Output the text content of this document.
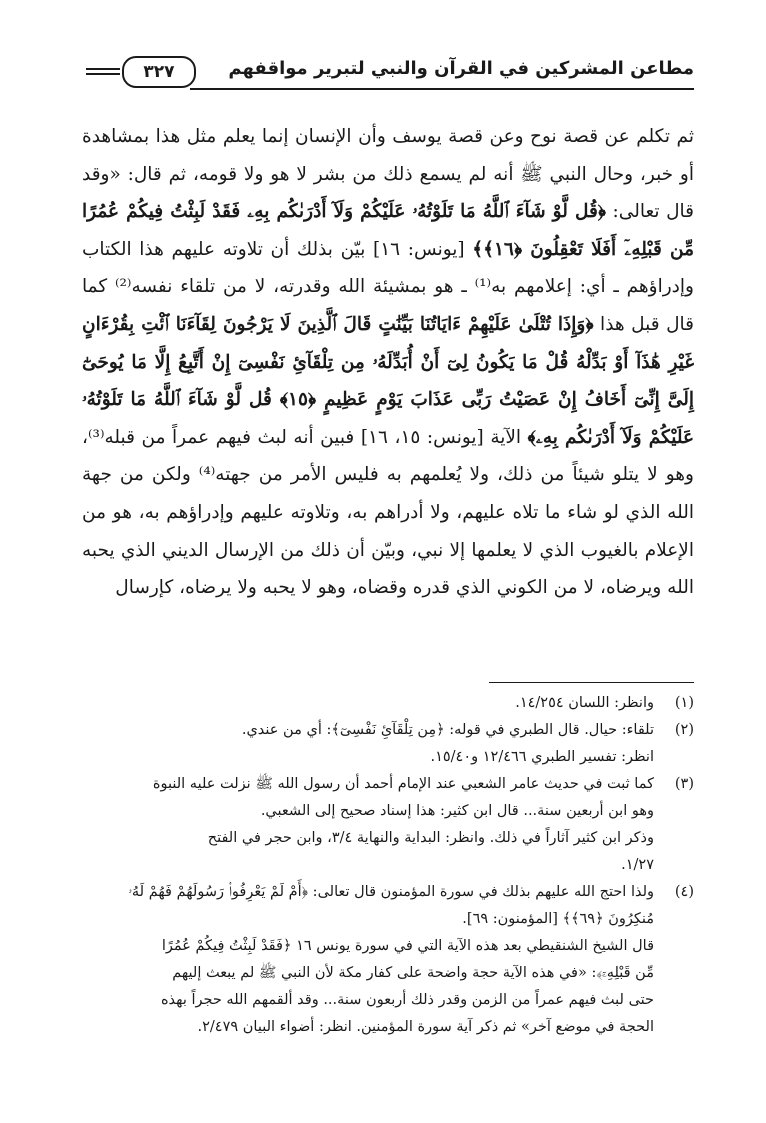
مطاعن المشركين في القرآن والنبي لتبرير مواقفهم
٣٢٧

ثم تكلم عن قصة نوح وعن قصة يوسف وأن الإنسان إنما يعلم مثل هذا بمشاهدة أو خبر، وحال النبي ﷺ أنه لم يسمع ذلك من بشر لا هو ولا قومه، ثم قال: «وقد قال تعالى: ﴿قُل لَّوْ شَآءَ ٱللَّهُ مَا تَلَوْتُهُۥ عَلَيْكُمْ وَلَآ أَدْرَىٰكُم بِهِۦ فَقَدْ لَبِثْتُ فِيكُمْ عُمُرًا مِّن قَبْلِهِۦٓ أَفَلَا تَعْقِلُونَ ﴿١٦﴾﴾ [يونس: ١٦] بيّن بذلك أن تلاوته عليهم هذا الكتاب وإدراؤهم ـ أي: إعلامهم به⁽¹⁾ ـ هو بمشيئة الله وقدرته، لا من تلقاء نفسه⁽²⁾ كما قال قبل هذا ﴿وَإِذَا تُتْلَىٰ عَلَيْهِمْ ءَايَاتُنَا بَيِّنَٰتٍ قَالَ ٱلَّذِينَ لَا يَرْجُونَ لِقَآءَنَا ٱئْتِ بِقُرْءَانٍ غَيْرِ هَٰذَآ أَوْ بَدِّلْهُ قُلْ مَا يَكُونُ لِىٓ أَنْ أُبَدِّلَهُۥ مِن تِلْقَآئِ نَفْسِىٓ إِنْ أَتَّبِعُ إِلَّا مَا يُوحَىٰٓ إِلَىَّ إِنِّىٓ أَخَافُ إِنْ عَصَيْتُ رَبِّى عَذَابَ يَوْمٍ عَظِيمٍ ﴿١٥﴾ قُل لَّوْ شَآءَ ٱللَّهُ مَا تَلَوْتُهُۥ عَلَيْكُمْ وَلَآ أَدْرَىٰكُم بِهِۦ﴾ الآية [يونس: ١٥، ١٦] فبين أنه لبث فيهم عمراً من قبله⁽³⁾، وهو لا يتلو شيئاً من ذلك، ولا يُعلمهم به فليس الأمر من جهته⁽⁴⁾ ولكن من جهة الله الذي لو شاء ما تلاه عليهم، ولا أدراهم به، وتلاوته عليهم وإدراؤهم به، هو من الإعلام بالغيوب الذي لا يعلمها إلا نبي، وبيّن أن ذلك من الإرسال الديني الذي يحبه الله ويرضاه، لا من الكوني الذي قدره وقضاه، وهو لا يحبه ولا يرضاه، كإرسال

(١)
وانظر: اللسان ١٤/٢٥٤.
(٢)
تلقاء: حيال. قال الطبري في قوله: ﴿مِن تِلْقَآئِ نَفْسِىٓ﴾: أي من عندي.
انظر: تفسير الطبري ١٢/٤٦٦ و١٥/٤٠.
(٣)
كما ثبت في حديث عامر الشعبي عند الإمام أحمد أن رسول الله ﷺ نزلت عليه النبوة
وهو ابن أربعين سنة... قال ابن كثير: هذا إسناد صحيح إلى الشعبي.
وذكر ابن كثير آثاراً في ذلك. وانظر: البداية والنهاية ٣/٤، وابن حجر في الفتح
١/٢٧.
(٤)
ولذا احتج الله عليهم بذلك في سورة المؤمنون قال تعالى: ﴿أَمْ لَمْ يَعْرِفُوا۟ رَسُولَهُمْ فَهُمْ لَهُۥ
مُنكِرُونَ ﴿٦٩﴾﴾ [المؤمنون: ٦٩].
قال الشيخ الشنقيطي بعد هذه الآية التي في سورة يونس ١٦ ﴿فَقَدْ لَبِثْتُ فِيكُمْ عُمُرًا
مِّن قَبْلِهِۦٓ﴾: «في هذه الآية حجة واضحة على كفار مكة لأن النبي ﷺ لم يبعث إليهم
حتى لبث فيهم عمراً من الزمن وقدر ذلك أربعون سنة... وقد ألقمهم الله حجراً بهذه
الحجة في موضع آخر» ثم ذكر آية سورة المؤمنين. انظر: أضواء البيان ٢/٤٧٩.
